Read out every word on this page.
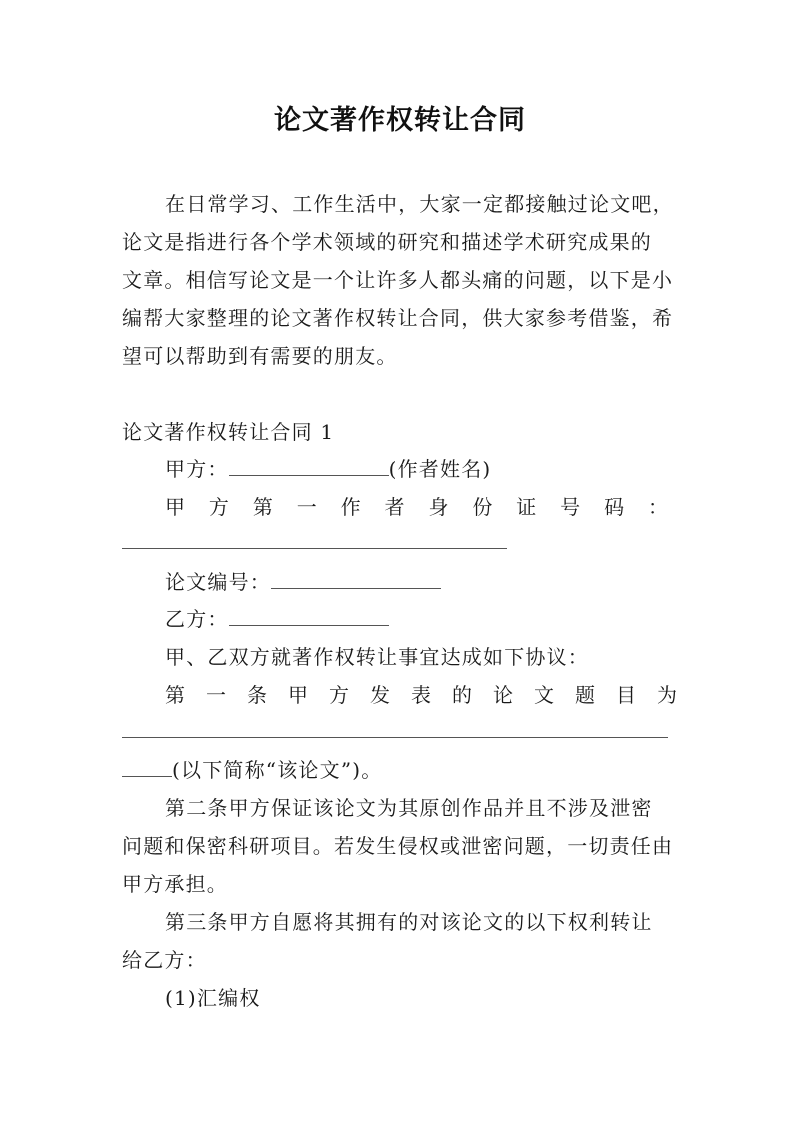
论文著作权转让合同
在日常学习、工作生活中，大家一定都接触过论文吧，
论文是指进行各个学术领域的研究和描述学术研究成果的
文章。相信写论文是一个让许多人都头痛的问题，以下是小
编帮大家整理的论文著作权转让合同，供大家参考借鉴，希
望可以帮助到有需要的朋友。
论文著作权转让合同 1
甲方：	(作者姓名)
甲 方 第 一 作 者 身 份 证 号 码 ：
论文编号：
乙方：
甲、乙双方就著作权转让事宜达成如下协议：
第 一 条 甲 方 发 表 的 论 文 题 目 为
(以下简称“该论文”)。
第二条甲方保证该论文为其原创作品并且不涉及泄密
问题和保密科研项目。若发生侵权或泄密问题，一切责任由
甲方承担。
第三条甲方自愿将其拥有的对该论文的以下权利转让
给乙方：
(1)汇编权
